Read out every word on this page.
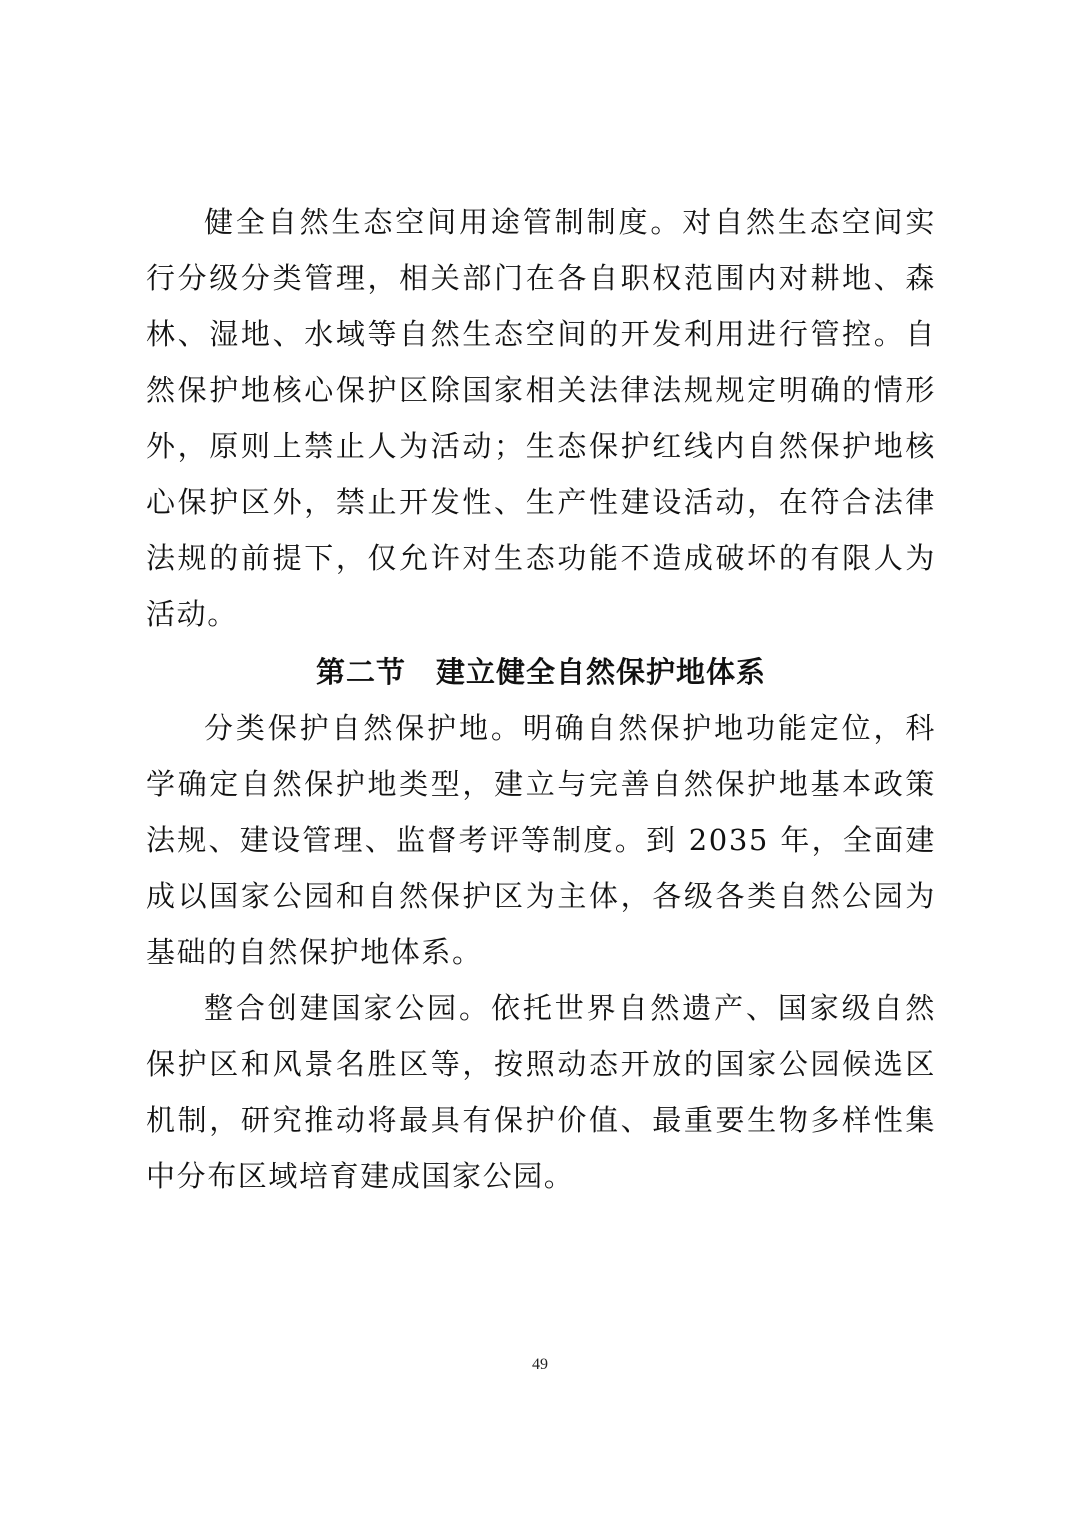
健全自然生态空间用途管制制度。对自然生态空间实行分级分类管理，相关部门在各自职权范围内对耕地、森林、湿地、水域等自然生态空间的开发利用进行管控。自然保护地核心保护区除国家相关法律法规规定明确的情形外，原则上禁止人为活动；生态保护红线内自然保护地核心保护区外，禁止开发性、生产性建设活动，在符合法律法规的前提下，仅允许对生态功能不造成破坏的有限人为活动。

第二节　建立健全自然保护地体系

分类保护自然保护地。明确自然保护地功能定位，科学确定自然保护地类型，建立与完善自然保护地基本政策法规、建设管理、监督考评等制度。到 2035 年，全面建成以国家公园和自然保护区为主体，各级各类自然公园为基础的自然保护地体系。

整合创建国家公园。依托世界自然遗产、国家级自然保护区和风景名胜区等，按照动态开放的国家公园候选区机制，研究推动将最具有保护价值、最重要生物多样性集中分布区域培育建成国家公园。

49
